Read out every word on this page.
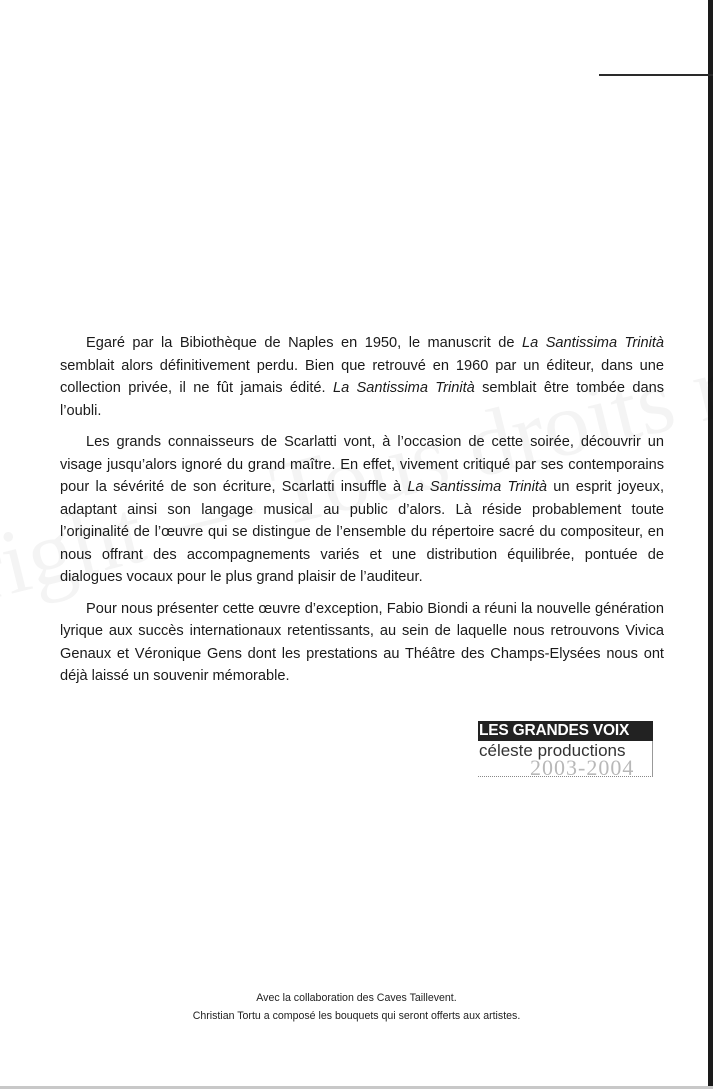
Egaré par la Bibiothèque de Naples en 1950, le manuscrit de La Santissima Trinità semblait alors définitivement perdu. Bien que retrouvé en 1960 par un éditeur, dans une collection privée, il ne fût jamais édité. La Santissima Trinità semblait être tombée dans l’oubli.

Les grands connaisseurs de Scarlatti vont, à l’occasion de cette soirée, découvrir un visage jusqu’alors ignoré du grand maître. En effet, vivement critiqué par ses contemporains pour la sévérité de son écriture, Scarlatti insuffle à La Santissima Trinità un esprit joyeux, adaptant ainsi son langage musical au public d’alors. Là réside probablement toute l’originalité de l’œuvre qui se distingue de l’ensemble du répertoire sacré du compositeur, en nous offrant des accompagnements variés et une distribution équilibrée, pontuée de dialogues vocaux pour le plus grand plaisir de l’auditeur.

Pour nous présenter cette œuvre d’exception, Fabio Biondi a réuni la nouvelle génération lyrique aux succès internationaux retentissants, au sein de laquelle nous retrouvons Vivica Genaux et Véronique Gens dont les prestations au Théâtre des Champs-Elysées nous ont déjà laissé un souvenir mémorable.

LES GRANDES VOIX
2003-2004
céleste productions
Avec la collaboration des Caves Taillevent.
Christian Tortu a composé les bouquets qui seront offerts aux artistes.
